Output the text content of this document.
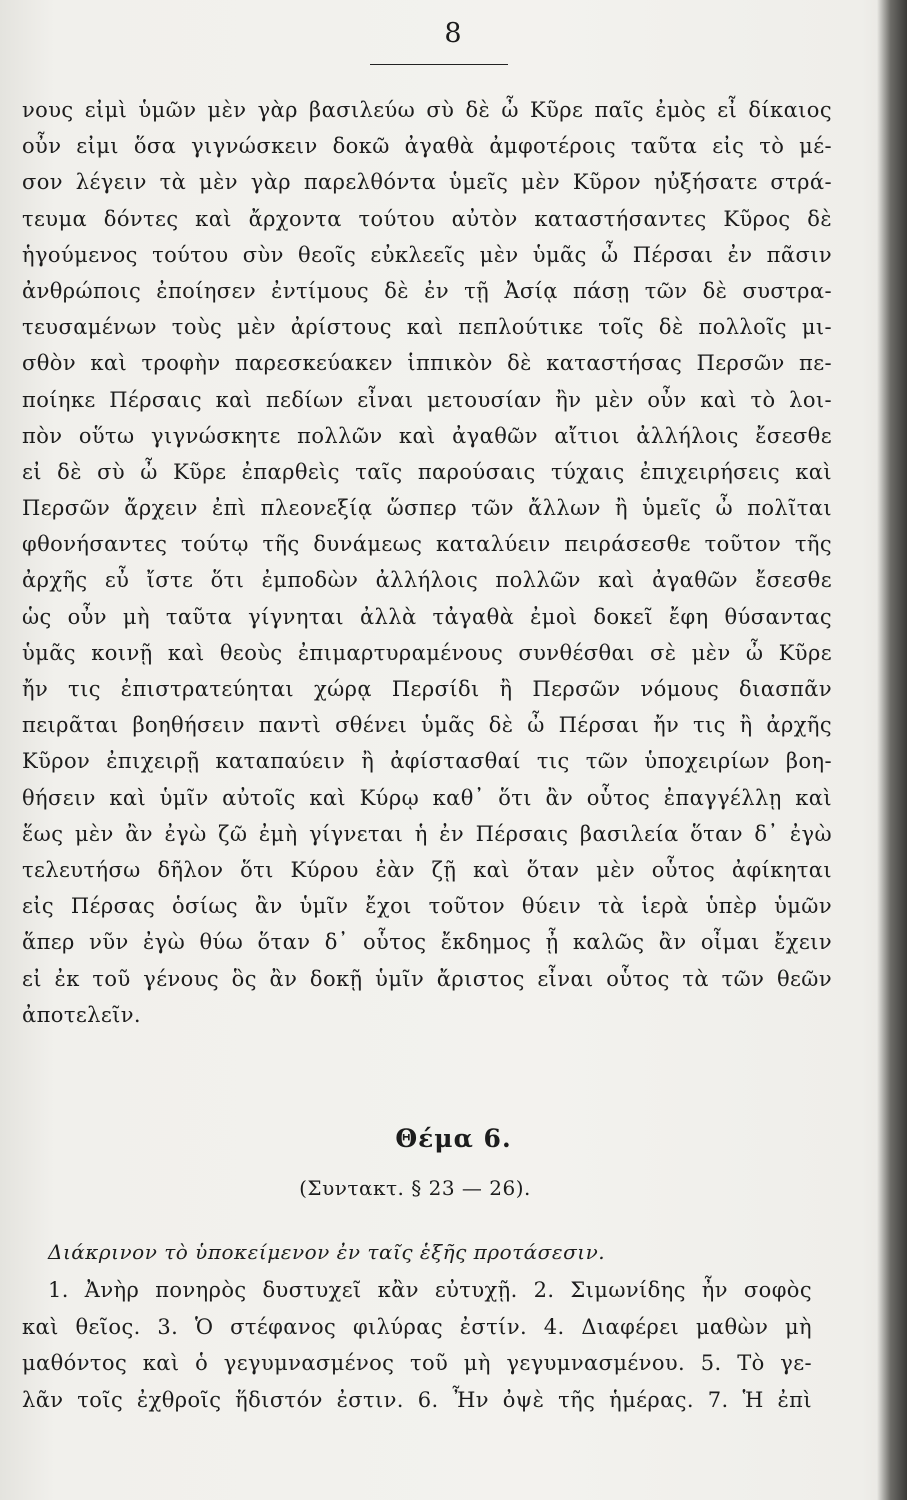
8
νους εἰμὶ ὑμῶν μὲν γὰρ βασιλεύω σὺ δὲ ὦ Κῦρε παῖς ἐμὸς εἶ δίκαιος
οὖν εἰμι ὅσα γιγνώσκειν δοκῶ ἀγαθὰ ἀμφοτέροις ταῦτα εἰς τὸ μέ-
σον λέγειν τὰ μὲν γὰρ παρελθόντα ὑμεῖς μὲν Κῦρον ηὐξήσατε στρά-
τευμα δόντες καὶ ἄρχοντα τούτου αὐτὸν καταστήσαντες Κῦρος δὲ
ἡγούμενος τούτου σὺν θεοῖς εὐκλεεῖς μὲν ὑμᾶς ὦ Πέρσαι ἐν πᾶσιν
ἀνθρώποις ἐποίησεν ἐντίμους δὲ ἐν τῇ Ἀσίᾳ πάσῃ τῶν δὲ συστρα-
τευσαμένων τοὺς μὲν ἀρίστους καὶ πεπλούτικε τοῖς δὲ πολλοῖς μι-
σθὸν καὶ τροφὴν παρεσκεύακεν ἱππικὸν δὲ καταστήσας Περσῶν πε-
ποίηκε Πέρσαις καὶ πεδίων εἶναι μετουσίαν ἢν μὲν οὖν καὶ τὸ λοι-
πὸν οὕτω γιγνώσκητε πολλῶν καὶ ἀγαθῶν αἴτιοι ἀλλήλοις ἔσεσθε
εἰ δὲ σὺ ὦ Κῦρε ἐπαρθεὶς ταῖς παρούσαις τύχαις ἐπιχειρήσεις καὶ
Περσῶν ἄρχειν ἐπὶ πλεονεξίᾳ ὥσπερ τῶν ἄλλων ἢ ὑμεῖς ὦ πολῖται
φθονήσαντες τούτῳ τῆς δυνάμεως καταλύειν πειράσεσθε τοῦτον τῆς
ἀρχῆς εὖ ἴστε ὅτι ἐμποδὼν ἀλλήλοις πολλῶν καὶ ἀγαθῶν ἔσεσθε
ὡς οὖν μὴ ταῦτα γίγνηται ἀλλὰ τἀγαθὰ ἐμοὶ δοκεῖ ἔφη θύσαντας
ὑμᾶς κοινῇ καὶ θεοὺς ἐπιμαρτυραμένους συνθέσθαι σὲ μὲν ὦ Κῦρε
ἤν τις ἐπιστρατεύηται χώρᾳ Περσίδι ἢ Περσῶν νόμους διασπᾶν
πειρᾶται βοηθήσειν παντὶ σθένει ὑμᾶς δὲ ὦ Πέρσαι ἤν τις ἢ ἀρχῆς
Κῦρον ἐπιχειρῇ καταπαύειν ἢ ἀφίστασθαί τις τῶν ὑποχειρίων βοη-
θήσειν καὶ ὑμῖν αὐτοῖς καὶ Κύρῳ καθ᾽ ὅτι ἂν οὗτος ἐπαγγέλλῃ καὶ
ἕως μὲν ἂν ἐγὼ ζῶ ἐμὴ γίγνεται ἡ ἐν Πέρσαις βασιλεία ὅταν δ᾽ ἐγὼ
τελευτήσω δῆλον ὅτι Κύρου ἐὰν ζῇ καὶ ὅταν μὲν οὗτος ἀφίκηται
εἰς Πέρσας ὁσίως ἂν ὑμῖν ἔχοι τοῦτον θύειν τὰ ἱερὰ ὑπὲρ ὑμῶν
ἅπερ νῦν ἐγὼ θύω ὅταν δ᾽ οὗτος ἔκδημος ᾖ καλῶς ἂν οἶμαι ἔχειν
εἰ ἐκ τοῦ γένους ὃς ἂν δοκῇ ὑμῖν ἄριστος εἶναι οὗτος τὰ τῶν θεῶν
ἀποτελεῖν.
Θέμα 6.
(Συντακτ. § 23 — 26).
Διάκρινον τὸ ὑποκείμενον ἐν ταῖς ἑξῆς προτάσεσιν.
1. Ἀνὴρ πονηρὸς δυστυχεῖ κἂν εὐτυχῇ. 2. Σιμωνίδης ἦν σοφὸς
καὶ θεῖος. 3. Ὁ στέφανος φιλύρας ἐστίν. 4. Διαφέρει μαθὼν μὴ
μαθόντος καὶ ὁ γεγυμνασμένος τοῦ μὴ γεγυμνασμένου. 5. Τὸ γε-
λᾶν τοῖς ἐχθροῖς ἥδιστόν ἐστιν. 6. Ἦν ὀψὲ τῆς ἡμέρας. 7. Ἡ ἐπὶ
